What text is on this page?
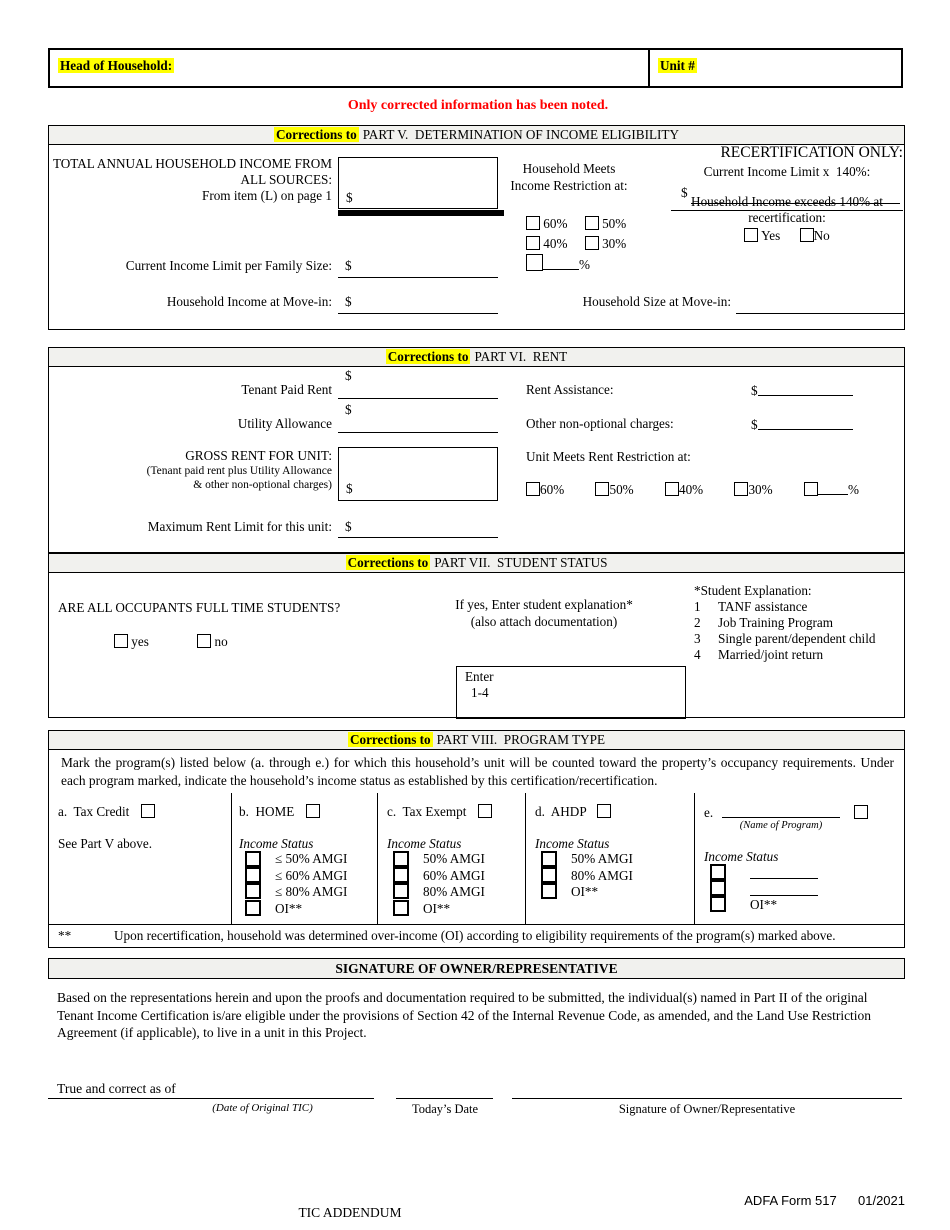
Head of Household:	Unit #
Only corrected information has been noted.
Corrections to PART V.  DETERMINATION OF INCOME ELIGIBILITY
TOTAL ANNUAL HOUSEHOLD INCOME FROM
ALL SOURCES:
From item (L) on page 1 $
Household Meets
Income Restriction at:
60%	50%
40%	30%
%
RECERTIFICATION ONLY:
Current Income Limit x  140%:
$
Household Income exceeds 140% at
recertification:
Yes	No
Current Income Limit per Family Size: $
Household Income at Move-in: $	Household Size at Move-in:
Corrections to PART VI.  RENT
$
Tenant Paid Rent
$
Utility Allowance
GROSS RENT FOR UNIT:
(Tenant paid rent plus Utility Allowance
& other non-optional charges) $
Maximum Rent Limit for this unit: $
Rent Assistance:	$
Other non-optional charges:	$
Unit Meets Rent Restriction at:
60%	50%	40%	30%	%
Corrections to PART VII.  STUDENT STATUS
ARE ALL OCCUPANTS FULL TIME STUDENTS?
yes	no
If yes, Enter student explanation*
(also attach documentation)
*Student Explanation:
1 TANF assistance
2 Job Training Program
3 Single parent/dependent child
4 Married/joint return
Enter
1-4
Corrections to PART VIII.  PROGRAM TYPE
Mark the program(s) listed below (a. through e.) for which this household’s unit will be counted toward the property’s occupancy requirements. Under each program marked, indicate the household’s income status as established by this certification/recertification.
a.  Tax Credit
See Part V above.
b.  HOME
Income Status
≤ 50% AMGI
≤ 60% AMGI
≤ 80% AMGI
OI**
c.  Tax Exempt
Income Status
50% AMGI
60% AMGI
80% AMGI
OI**
d.  AHDP
Income Status
50% AMGI
80% AMGI
OI**
e.
(Name of Program)
Income Status
OI**
**	Upon recertification, household was determined over-income (OI) according to eligibility requirements of the program(s) marked above.
SIGNATURE OF OWNER/REPRESENTATIVE
Based on the representations herein and upon the proofs and documentation required to be submitted, the individual(s) named in Part II of the original Tenant Income Certification is/are eligible under the provisions of Section 42 of the Internal Revenue Code, as amended, and the Land Use Restriction Agreement (if applicable), to live in a unit in this Project.
True and correct as of
(Date of Original TIC)	Today’s Date	Signature of Owner/Representative
TIC ADDENDUM
ADFA Form 517 01/2021
